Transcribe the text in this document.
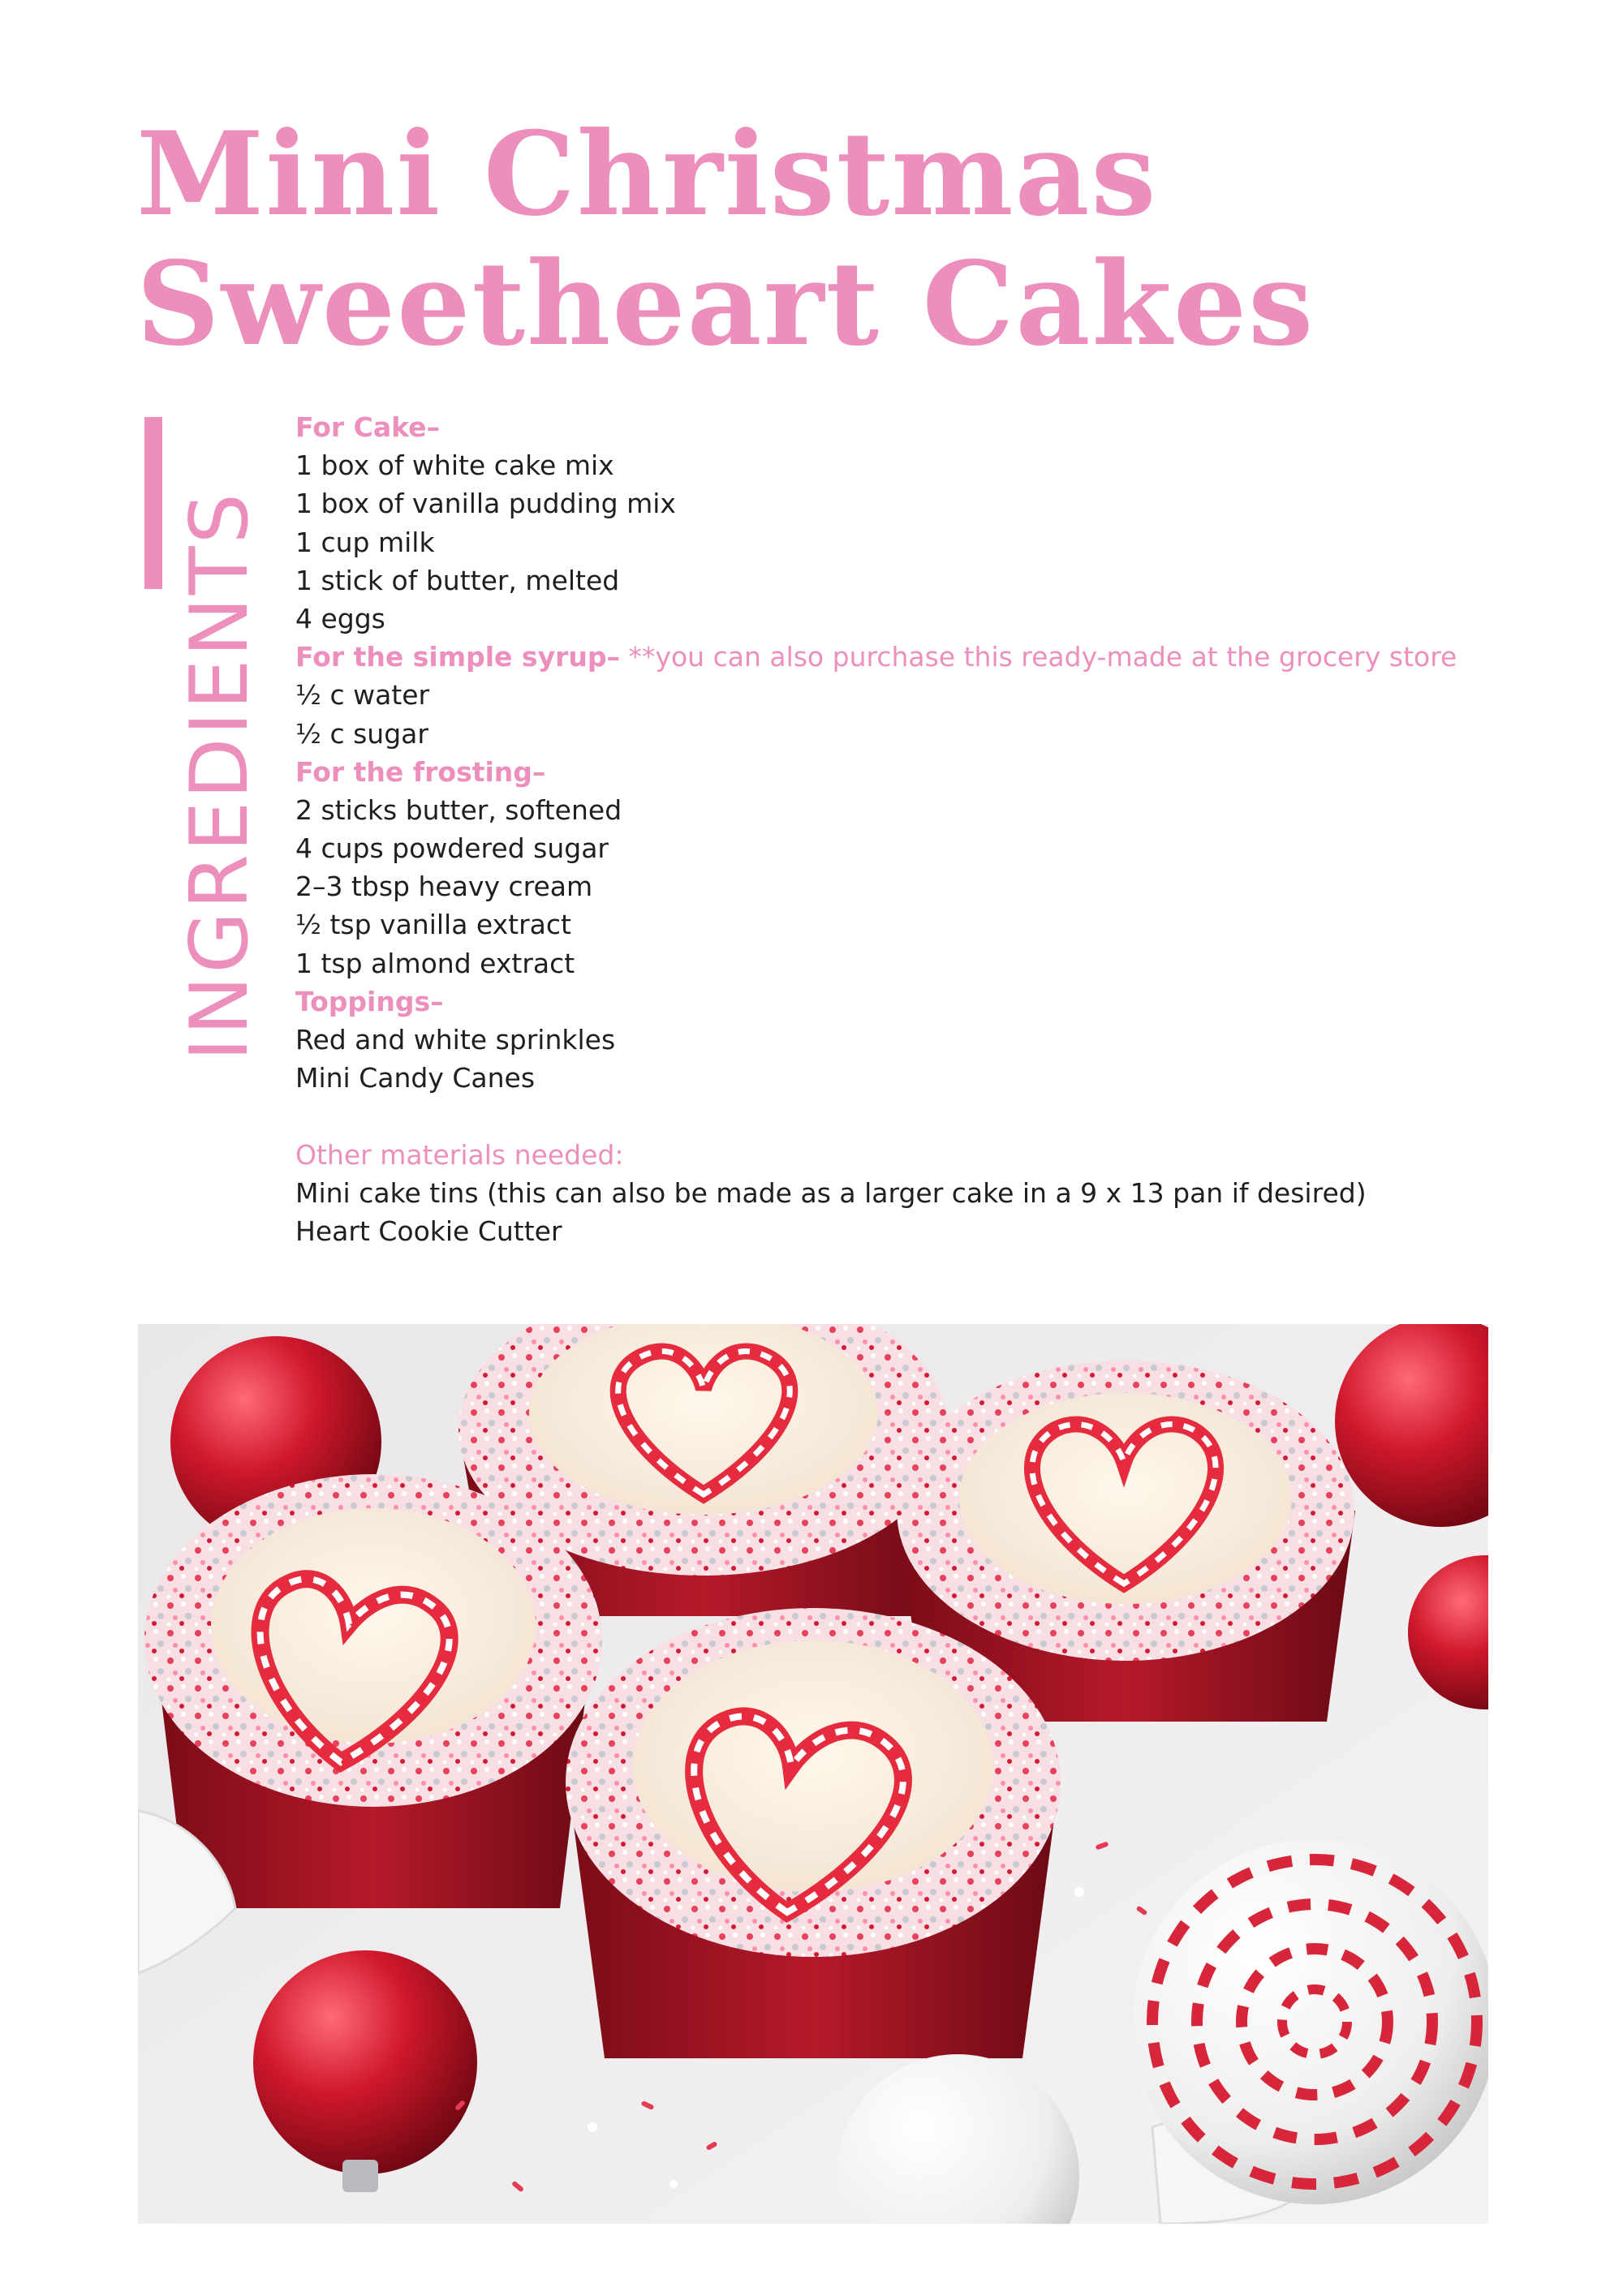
Mini Christmas
Sweetheart Cakes
INGREDIENTS
For Cake–
1 box of white cake mix
1 box of vanilla pudding mix
1 cup milk
1 stick of butter, melted
4 eggs
For the simple syrup– **you can also purchase this ready-made at the grocery store
½ c water
½ c sugar
For the frosting–
2 sticks butter, softened
4 cups powdered sugar
2–3 tbsp heavy cream
½ tsp vanilla extract
1 tsp almond extract
Toppings–
Red and white sprinkles
Mini Candy Canes
Other materials needed:
Mini cake tins (this can also be made as a larger cake in a 9 x 13 pan if desired)
Heart Cookie Cutter
